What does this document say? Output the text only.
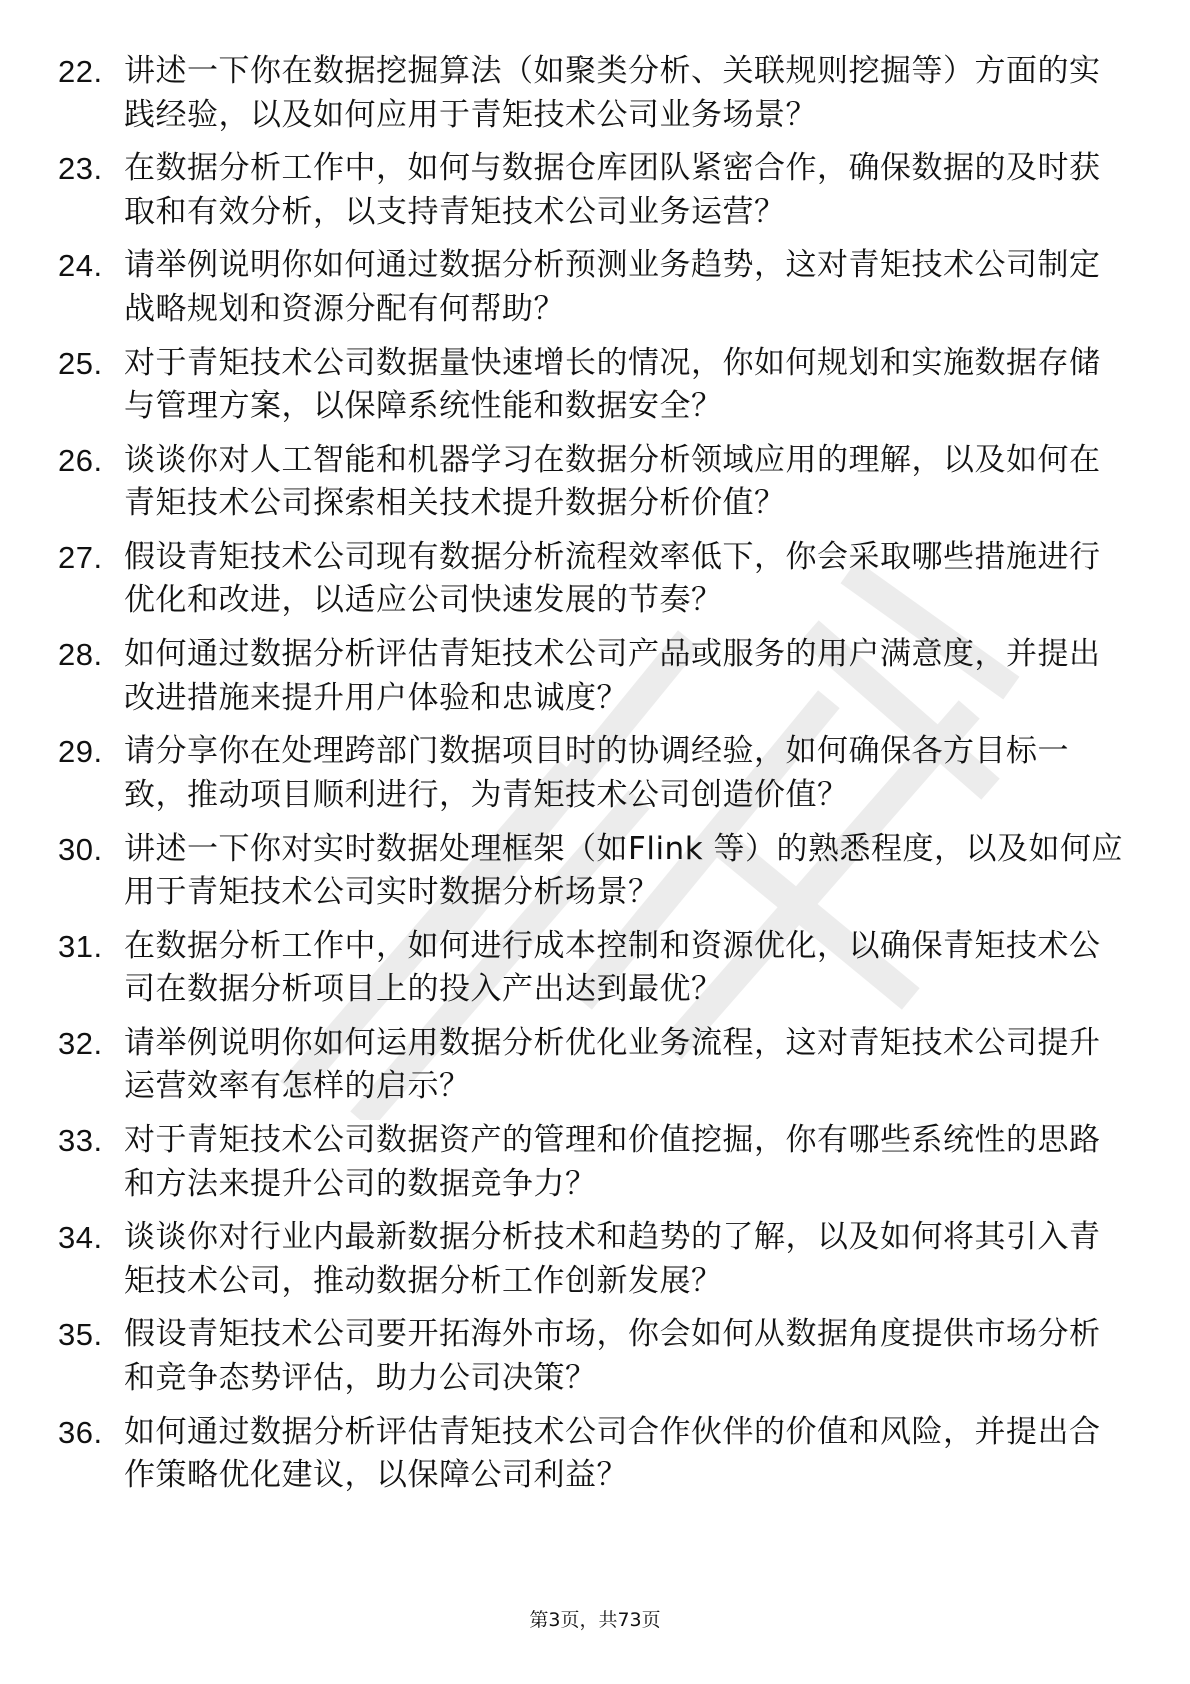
22. 讲述一下你在数据挖掘算法（如聚类分析、关联规则挖掘等）方面的实践经验，以及如何应用于青矩技术公司业务场景？
23. 在数据分析工作中，如何与数据仓库团队紧密合作，确保数据的及时获取和有效分析，以支持青矩技术公司业务运营？
24. 请举例说明你如何通过数据分析预测业务趋势，这对青矩技术公司制定战略规划和资源分配有何帮助？
25. 对于青矩技术公司数据量快速增长的情况，你如何规划和实施数据存储与管理方案，以保障系统性能和数据安全？
26. 谈谈你对人工智能和机器学习在数据分析领域应用的理解，以及如何在青矩技术公司探索相关技术提升数据分析价值？
27. 假设青矩技术公司现有数据分析流程效率低下，你会采取哪些措施进行优化和改进，以适应公司快速发展的节奏？
28. 如何通过数据分析评估青矩技术公司产品或服务的用户满意度，并提出改进措施来提升用户体验和忠诚度？
29. 请分享你在处理跨部门数据项目时的协调经验，如何确保各方目标一致，推动项目顺利进行，为青矩技术公司创造价值？
30. 讲述一下你对实时数据处理框架（如Flink 等）的熟悉程度，以及如何应用于青矩技术公司实时数据分析场景？
31. 在数据分析工作中，如何进行成本控制和资源优化，以确保青矩技术公司在数据分析项目上的投入产出达到最优？
32. 请举例说明你如何运用数据分析优化业务流程，这对青矩技术公司提升运营效率有怎样的启示？
33. 对于青矩技术公司数据资产的管理和价值挖掘，你有哪些系统性的思路和方法来提升公司的数据竞争力？
34. 谈谈你对行业内最新数据分析技术和趋势的了解，以及如何将其引入青矩技术公司，推动数据分析工作创新发展？
35. 假设青矩技术公司要开拓海外市场，你会如何从数据角度提供市场分析和竞争态势评估，助力公司决策？
36. 如何通过数据分析评估青矩技术公司合作伙伴的价值和风险，并提出合作策略优化建议，以保障公司利益？
第3页，共73页
